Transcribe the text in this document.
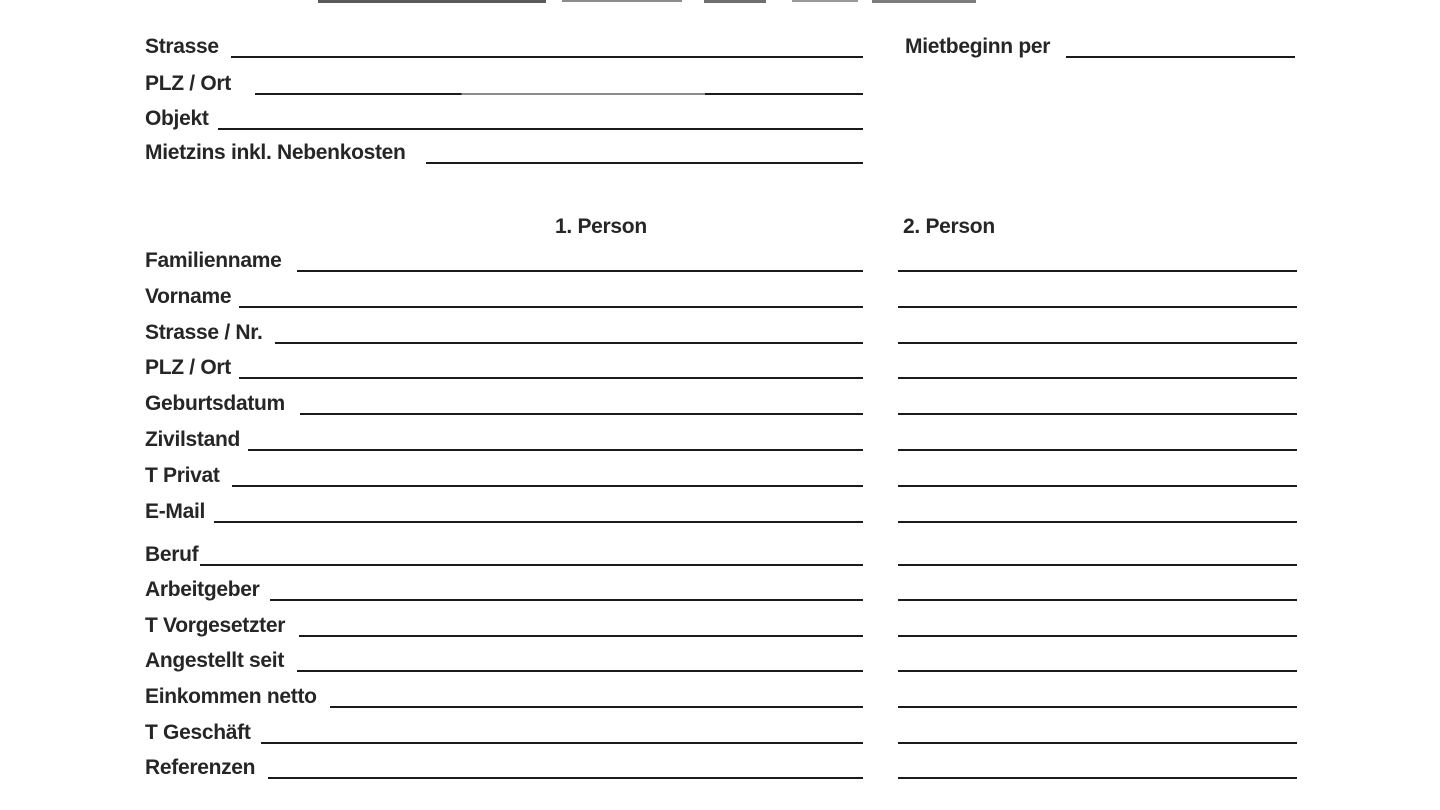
Strasse
PLZ / Ort
Objekt
Mietzins inkl. Nebenkosten
Mietbeginn per
1. Person	2. Person
Familienname
Vorname
Strasse / Nr.
PLZ / Ort
Geburtsdatum
Zivilstand
T Privat
E-Mail
Beruf
Arbeitgeber
T Vorgesetzter
Angestellt seit
Einkommen netto
T Geschäft
Referenzen
